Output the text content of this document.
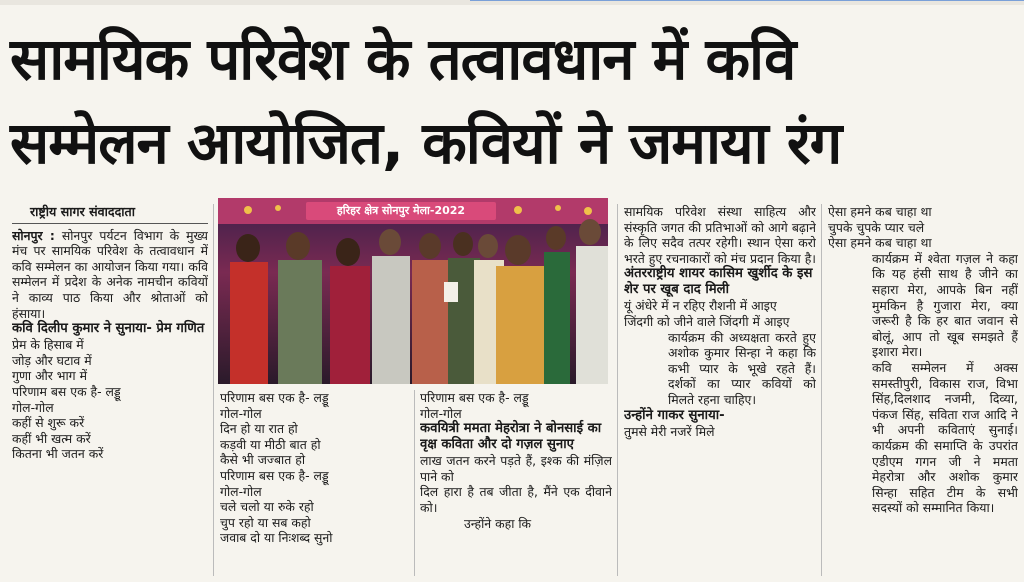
सामयिक परिवेश के तत्वावधान में कवि
सम्मेलन आयोजित, कवियों ने जमाया रंग

राष्ट्रीय सागर संवाददाता

सोनपुर : सोनपुर पर्यटन विभाग के मुख्य मंच पर सामयिक परिवेश के तत्वावधान में कवि सम्मेलन का आयोजन किया गया। कवि सम्मेलन में प्रदेश के अनेक नामचीन कवियों ने काव्य पाठ किया और श्रोताओं को हंसाया।

कवि दिलीप कुमार ने सुनाया- प्रेम गणित

प्रेम के हिसाब में

जोड़ और घटाव में

गुणा और भाग में

परिणाम बस एक है- लड्डू

गोल-गोल

कहीं से शुरू करें

कहीं भी खत्म करें

कितना भी जतन करें

हरिहर क्षेत्र सोनपुर मेला-2022

परिणाम बस एक है- लड्डू

गोल-गोल

दिन हो या रात हो

कड़वी या मीठी बात हो

कैसे भी जज्बात हो

परिणाम बस एक है- लड्डू

गोल-गोल

चले चलो या रुके रहो

चुप रहो या सब कहो

जवाब दो या निःशब्द सुनो

परिणाम बस एक है- लड्डू

गोल-गोल

कवयित्री ममता मेहरोत्रा ने बोनसाई का वृक्ष कविता और दो गज़ल सुनाए

लाख जतन करने पड़ते हैं, इश्क की मंज़िल पाने को

दिल हारा है तब जीता है, मैंने एक दीवाने को।

उन्होंने कहा कि

सामयिक परिवेश संस्था साहित्य और संस्कृति जगत की प्रतिभाओं को आगे बढ़ाने के लिए सदैव तत्पर रहेगी। स्थान ऐसा करो भरते हुए रचनाकारों को मंच प्रदान किया है।

अंतरराष्ट्रीय शायर कासिम खुर्शीद के इस शेर पर खूब दाद मिली

यूं अंधेरे में न रहिए रौशनी में आइए

जिंदगी को जीने वाले जिंदगी में आइए

कार्यक्रम की अध्यक्षता करते हुए अशोक कुमार सिन्हा ने कहा कि कभी प्यार के भूखे रहते हैं। दर्शकों का प्यार कवियों को मिलते रहना चाहिए।

उन्होंने गाकर सुनाया-

तुमसे मेरी नजरें मिले

ऐसा हमने कब चाहा था

चुपके चुपके प्यार चले

ऐसा हमने कब चाहा था

कार्यक्रम में श्वेता गज़ल ने कहा कि यह हंसी साथ है जीने का सहारा मेरा, आपके बिन नहीं मुमकिन है गुजारा मेरा, क्या जरूरी है कि हर बात जवान से बोलूं, आप तो खूब समझते हैं इशारा मेरा।

कवि सम्मेलन में अक्स समस्तीपुरी, विकास राज, विभा सिंह,दिलशाद नजमी, दिव्या, पंकज सिंह, सविता राज आदि ने भी अपनी कविताएं सुनाई। कार्यक्रम की समाप्ति के उपरांत एडीएम गगन जी ने ममता मेहरोत्रा और अशोक कुमार सिन्हा सहित टीम के सभी सदस्यों को सम्मानित किया।
